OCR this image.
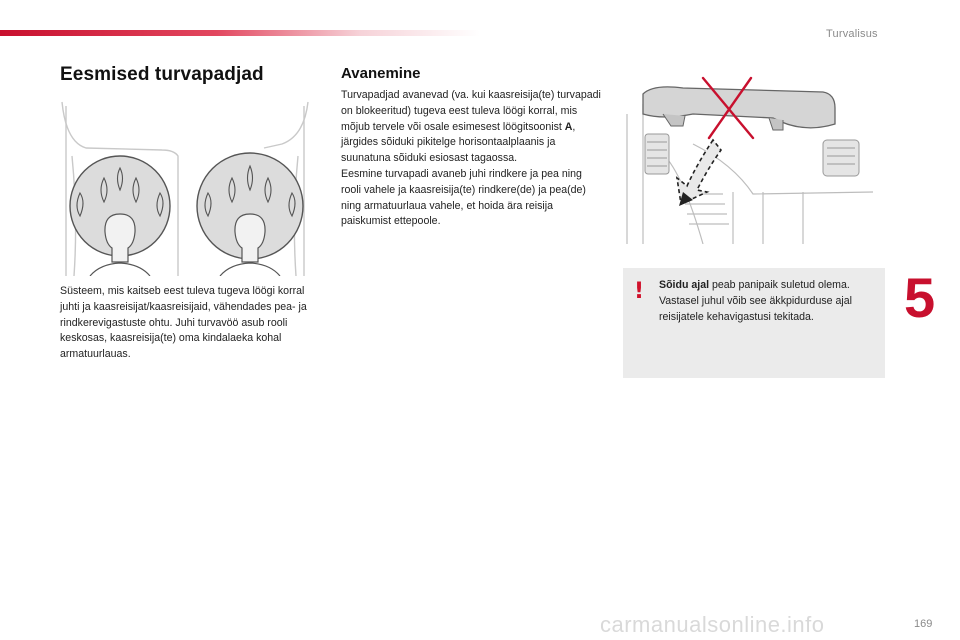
Turvalisus
Eesmised turvapadjad

Süsteem, mis kaitseb eest tuleva tugeva löögi korral juhti ja kaasreisijat/kaasreisijaid, vähendades pea- ja rindkerevigastuste ohtu. Juhi turvavöö asub rooli keskosas, kaasreisija(te) oma kindalaeka kohal armatuurlauas.

Avanemine

Turvapadjad avanevad (va. kui kaasreisija(te) turvapadi on blokeeritud) tugeva eest tuleva löögi korral, mis mõjub tervele või osale esimesest löögitsoonist A, järgides sõiduki pikitelge horisontaalplaanis ja suunatuna sõiduki esiosast tagaossa.

Eesmine turvapadi avaneb juhi rindkere ja pea ning rooli vahele ja kaasreisija(te) rindkere(de) ja pea(de) ning armatuurlaua vahele, et hoida ära reisija paiskumist ettepoole.

! Sõidu ajal peab panipaik suletud olema. Vastasel juhul võib see äkkpidurduse ajal reisijatele kehavigastusi tekitada.	5
carmanualsonline.info	169
